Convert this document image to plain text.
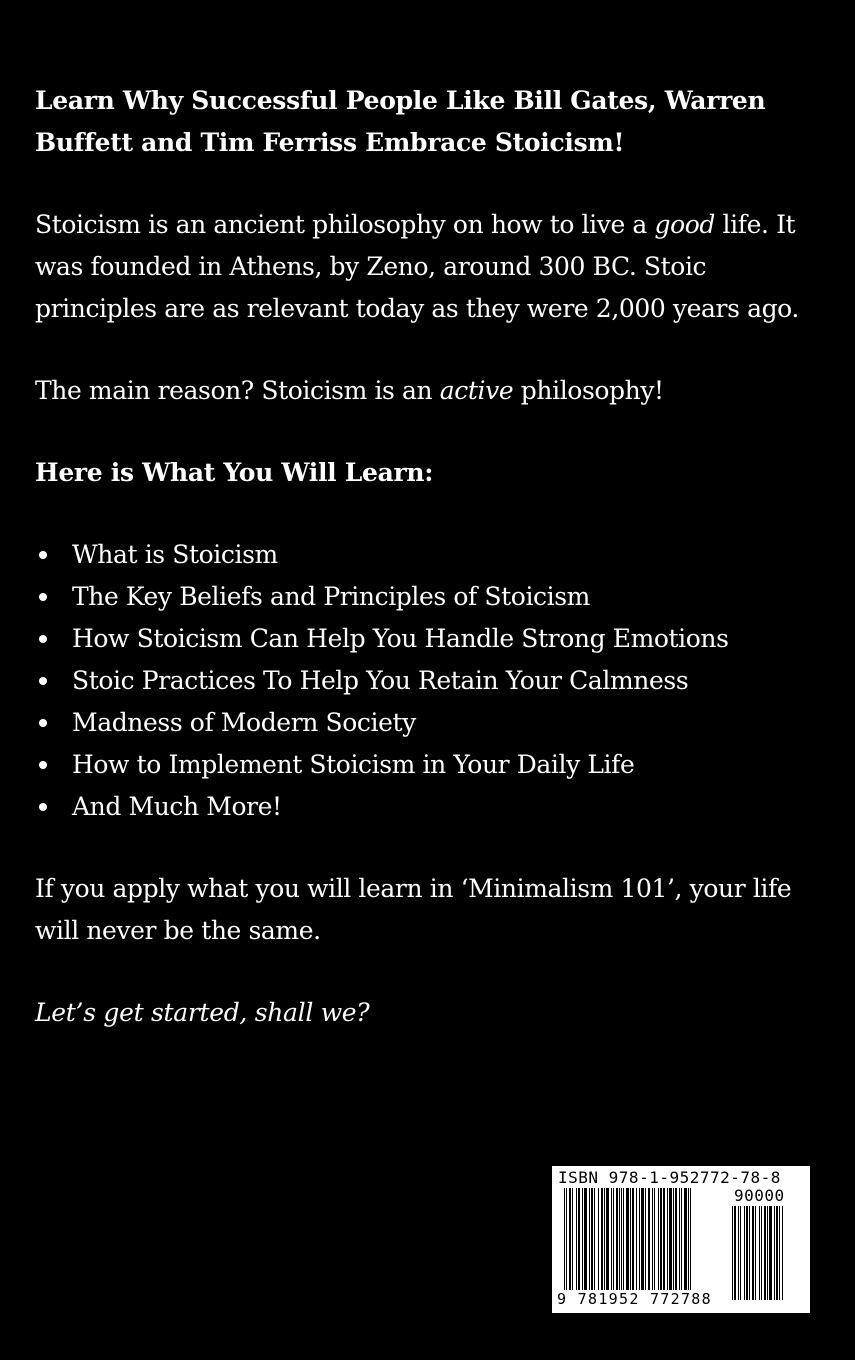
Learn Why Successful People Like Bill Gates, Warren Buffett and Tim Ferriss Embrace Stoicism!

Stoicism is an ancient philosophy on how to live a good life. It was founded in Athens, by Zeno, around 300 BC. Stoic principles are as relevant today as they were 2,000 years ago.

The main reason? Stoicism is an active philosophy!

Here is What You Will Learn:

What is Stoicism
The Key Beliefs and Principles of Stoicism
How Stoicism Can Help You Handle Strong Emotions
Stoic Practices To Help You Retain Your Calmness
Madness of Modern Society
How to Implement Stoicism in Your Daily Life
And Much More!

If you apply what you will learn in ‘Minimalism 101’, your life will never be the same.

Let’s get started, shall we?

ISBN 978-1-952772-78-8
90000
9 781952 772788
